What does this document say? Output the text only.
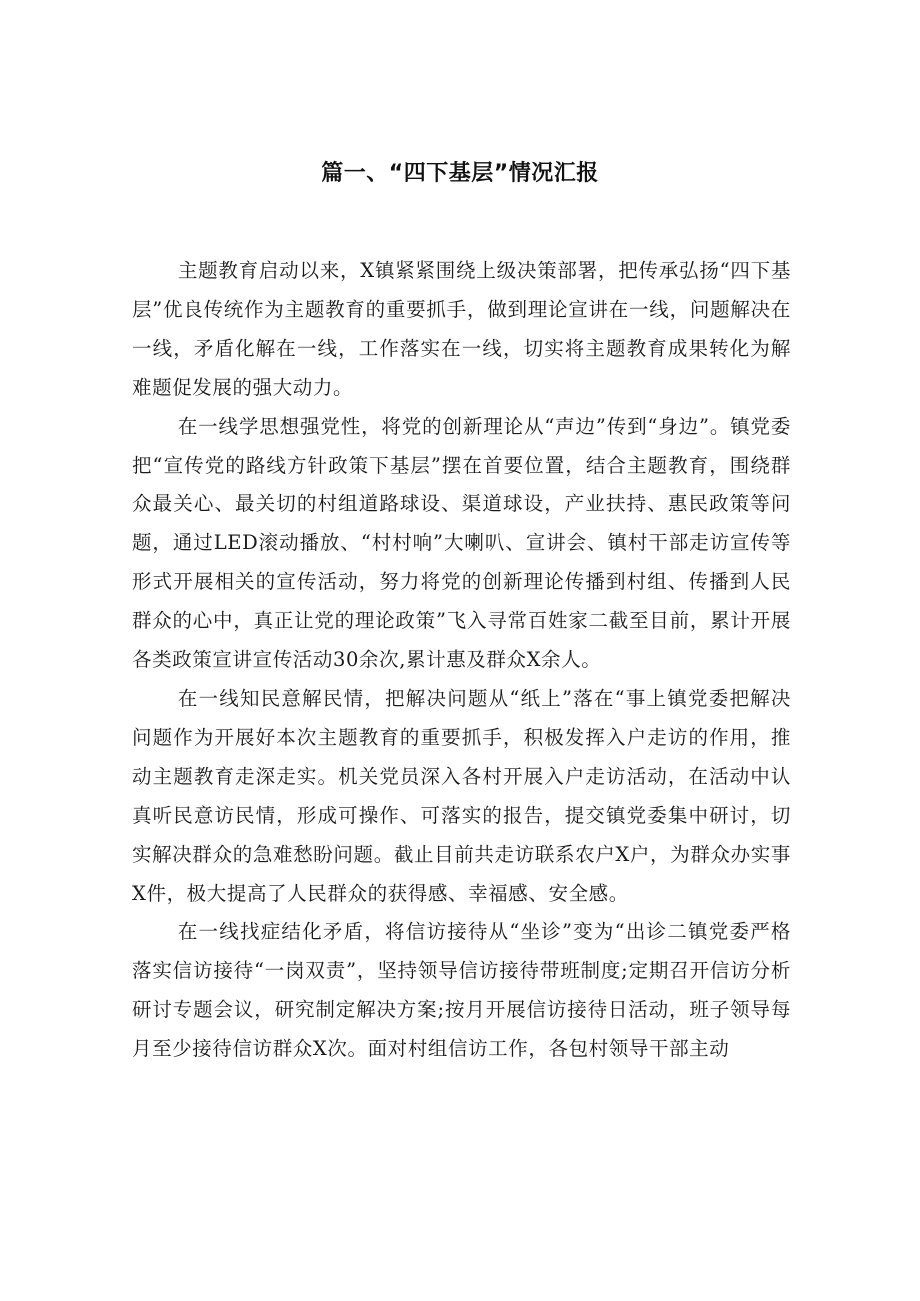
篇一、“四下基层”情况汇报

主题教育启动以来，X镇紧紧围绕上级决策部署，把传承弘扬“四下基层”优良传统作为主题教育的重要抓手，做到理论宣讲在一线，问题解决在一线，矛盾化解在一线，工作落实在一线，切实将主题教育成果转化为解难题促发展的强大动力。

在一线学思想强党性，将党的创新理论从“声边”传到“身边”。镇党委把“宣传党的路线方针政策下基层”摆在首要位置，结合主题教育，围绕群众最关心、最关切的村组道路球设、渠道球设，产业扶持、惠民政策等问题，通过LED滚动播放、“村村响”大喇叭、宣讲会、镇村干部走访宣传等形式开展相关的宣传活动，努力将党的创新理论传播到村组、传播到人民群众的心中，真正让党的理论政策”飞入寻常百姓家二截至目前，累计开展各类政策宣讲宣传活动30余次,累计惠及群众X余人。

在一线知民意解民情，把解决问题从“纸上”落在“事上镇党委把解决问题作为开展好本次主题教育的重要抓手，积极发挥入户走访的作用，推动主题教育走深走实。机关党员深入各村开展入户走访活动，在活动中认真听民意访民情，形成可操作、可落实的报告，提交镇党委集中研讨，切实解决群众的急难愁盼问题。截止目前共走访联系农户X户，为群众办实事X件，极大提高了人民群众的获得感、幸福感、安全感。

在一线找症结化矛盾，将信访接待从“坐诊”变为“出诊二镇党委严格落实信访接待“一岗双责”，坚持领导信访接待带班制度;定期召开信访分析研讨专题会议，研究制定解决方案;按月开展信访接待日活动，班子领导每月至少接待信访群众X次。面对村组信访工作，各包村领导干部主动
